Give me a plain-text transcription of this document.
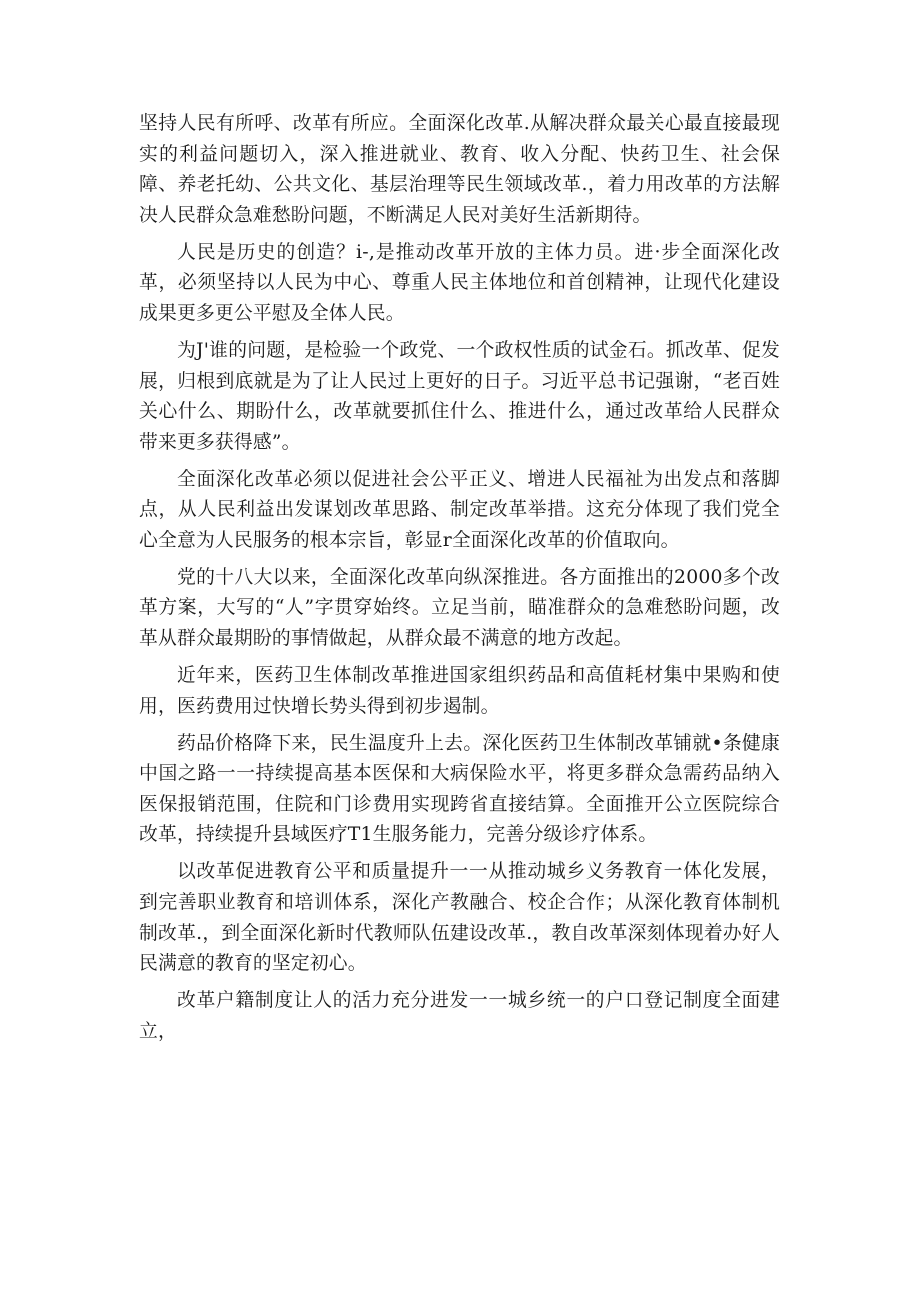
坚持人民有所呼、改革有所应。全面深化改革.从解决群众最关心最直接最现实的利益问题切入，深入推进就业、教育、收入分配、快药卫生、社会保障、养老托幼、公共文化、基层治理等民生领域改革.，着力用改革的方法解决人民群众急难愁盼问题，不断满足人民对美好生活新期待。

人民是历史的创造？i-,是推动改革开放的主体力员。进·步全面深化改革，必须坚持以人民为中心、尊重人民主体地位和首创精神，让现代化建设成果更多更公平慰及全体人民。

为J'谁的问题，是检验一个政党、一个政权性质的试金石。抓改革、促发展，归根到底就是为了让人民过上更好的日子。习近平总书记强谢，“老百姓关心什么、期盼什么，改革就要抓住什么、推进什么，通过改革给人民群众带来更多获得感”。

全面深化改革必须以促进社会公平正义、增进人民福祉为出发点和落脚点，从人民利益出发谋划改革思路、制定改革举措。这充分体现了我们党全心全意为人民服务的根本宗旨，彰显r全面深化改革的价值取向。

党的十八大以来，全面深化改革向纵深推进。各方面推出的2000多个改革方案，大写的“人”字贯穿始终。立足当前，瞄准群众的急难愁盼问题，改革从群众最期盼的事情做起，从群众最不满意的地方改起。

近年来，医药卫生体制改革推进国家组织药品和高值耗材集中果购和使用，医药费用过快增长势头得到初步遏制。

药品价格降下来，民生温度升上去。深化医药卫生体制改革铺就•条健康中国之路一一持续提高基本医保和大病保险水平，将更多群众急需药品纳入医保报销范围，住院和门诊费用实现跨省直接结算。全面推开公立医院综合改革，持续提升县域医疗T1生服务能力，完善分级诊疗体系。

以改革促进教育公平和质量提升一一从推动城乡义务教育一体化发展，到完善职业教育和培训体系，深化产教融合、校企合作；从深化教育体制机制改革.，到全面深化新时代教师队伍建设改革.，教自改革深刻体现着办好人民满意的教育的坚定初心。

改革户籍制度让人的活力充分进发一一城乡统一的户口登记制度全面建立，
